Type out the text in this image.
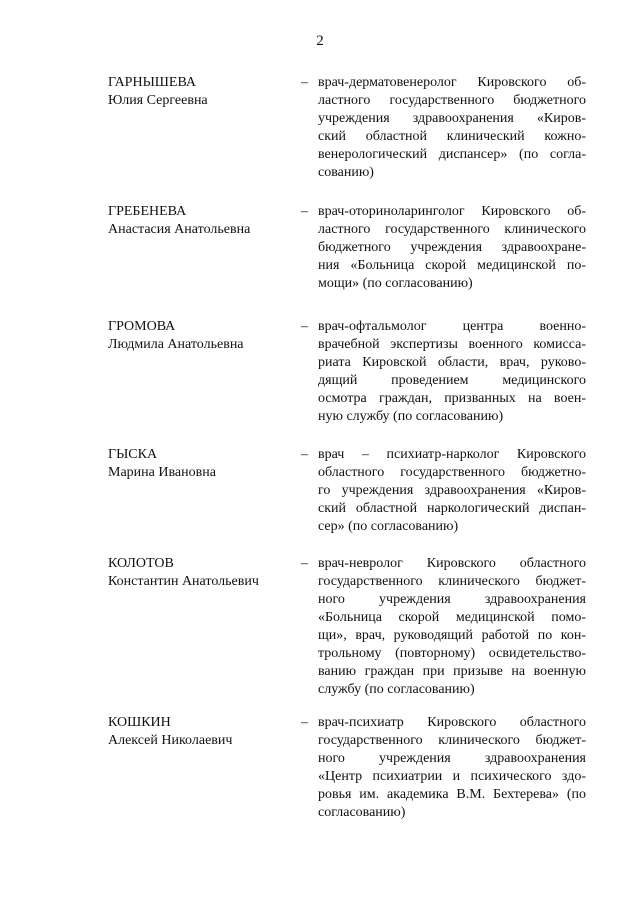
2
ГАРНЫШЕВА
Юлия Сергеевна
– врач-дерматовенеролог Кировского об-
ластного государственного бюджетного
учреждения здравоохранения «Киров-
ский областной клинический кожно-
венерологический диспансер» (по согла-
сованию)
ГРЕБЕНЕВА
Анастасия Анатольевна
– врач-оториноларинголог Кировского об-
ластного государственного клинического
бюджетного учреждения здравоохране-
ния «Больница скорой медицинской по-
мощи» (по согласованию)
ГРОМОВА
Людмила Анатольевна
– врач-офтальмолог центра военно-
врачебной экспертизы военного комисса-
риата Кировской области, врач, руково-
дящий проведением медицинского
осмотра граждан, призванных на воен-
ную службу (по согласованию)
ГЫСКА
Марина Ивановна
– врач – психиатр-нарколог Кировского
областного государственного бюджетно-
го учреждения здравоохранения «Киров-
ский областной наркологический диспан-
сер» (по согласованию)
КОЛОТОВ
Константин Анатольевич
– врач-невролог Кировского областного
государственного клинического бюджет-
ного учреждения здравоохранения
«Больница скорой медицинской помо-
щи», врач, руководящий работой по кон-
трольному (повторному) освидетельство-
ванию граждан при призыве на военную
службу (по согласованию)
КОШКИН
Алексей Николаевич
– врач-психиатр Кировского областного
государственного клинического бюджет-
ного учреждения здравоохранения
«Центр психиатрии и психического здо-
ровья им. академика В.М. Бехтерева» (по
согласованию)
